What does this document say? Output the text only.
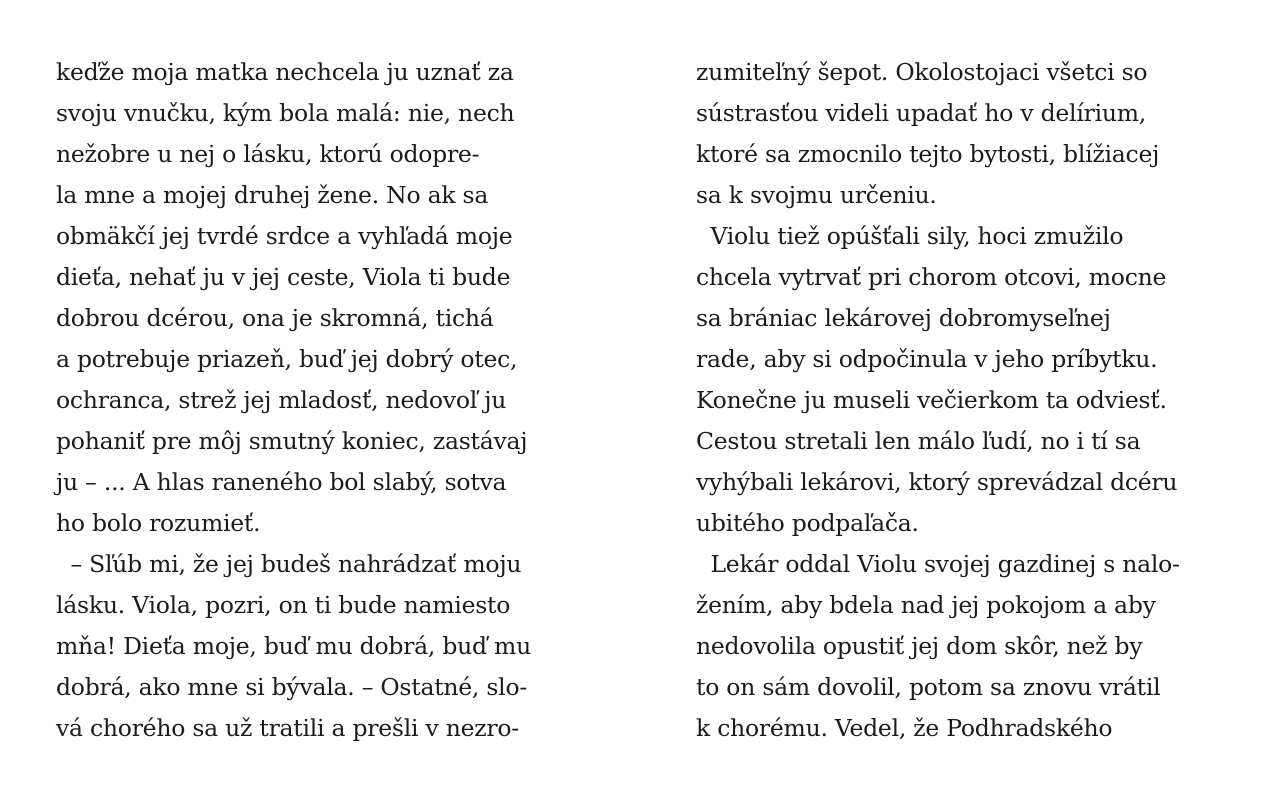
keďže moja matka nechcela ju uznať za
svoju vnučku, kým bola malá: nie, nech
nežobre u nej o lásku, ktorú odopre-
la mne a mojej druhej žene. No ak sa
obmäkčí jej tvrdé srdce a vyhľadá moje
dieťa, nehať ju v jej ceste, Viola ti bude
dobrou dcérou, ona je skromná, tichá
a potrebuje priazeň, buď jej dobrý otec,
ochranca, strež jej mladosť, nedovoľ ju
pohaniť pre môj smutný koniec, zastávaj
ju – ... A hlas raneného bol slabý, sotva
ho bolo rozumieť.
– Sľúb mi, že jej budeš nahrádzať moju
lásku. Viola, pozri, on ti bude namiesto
mňa! Dieťa moje, buď mu dobrá, buď mu
dobrá, ako mne si bývala. – Ostatné, slo-
vá chorého sa už tratili a prešli v nezro-
zumiteľný šepot. Okolostojaci všetci so
sústrasťou videli upadať ho v delírium,
ktoré sa zmocnilo tejto bytosti, blížiacej
sa k svojmu určeniu.
Violu tiež opúšťali sily, hoci zmužilo
chcela vytrvať pri chorom otcovi, mocne
sa brániac lekárovej dobromyseľnej
rade, aby si odpočinula v jeho príbytku.
Konečne ju museli večierkom ta odviesť.
Cestou stretali len málo ľudí, no i tí sa
vyhýbali lekárovi, ktorý sprevádzal dcéru
ubitého podpaľača.
Lekár oddal Violu svojej gazdinej s nalo-
žením, aby bdela nad jej pokojom a aby
nedovolila opustiť jej dom skôr, než by
to on sám dovolil, potom sa znovu vrátil
k chorému. Vedel, že Podhradského
